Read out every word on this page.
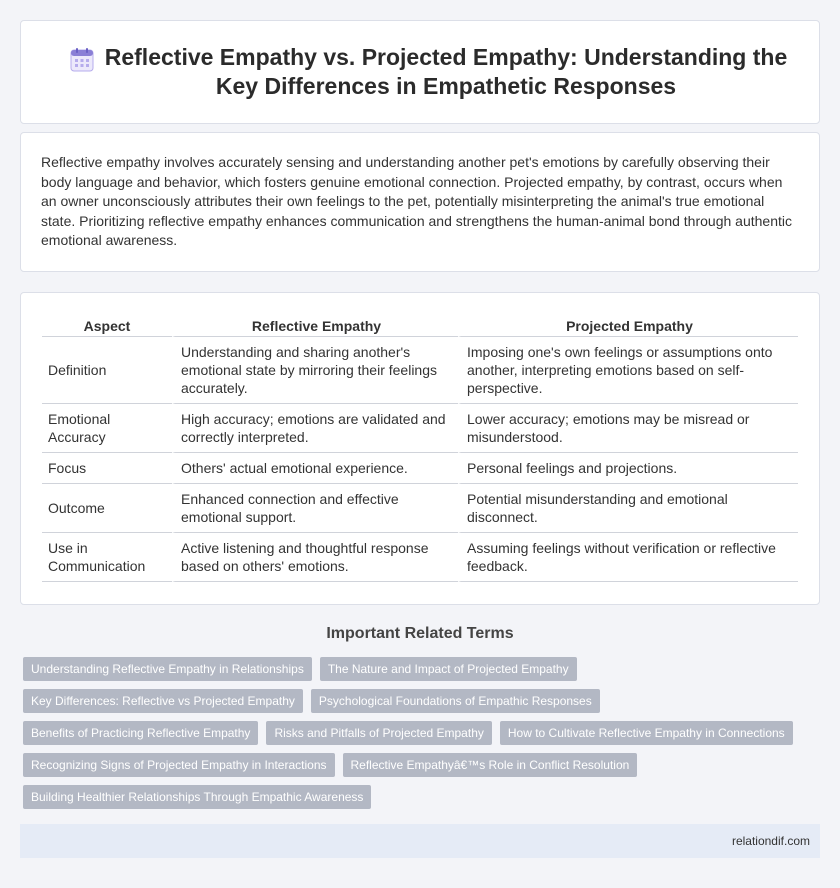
Reflective Empathy vs. Projected Empathy: Understanding the Key Differences in Empathetic Responses

Reflective empathy involves accurately sensing and understanding another pet's emotions by carefully observing their body language and behavior, which fosters genuine emotional connection. Projected empathy, by contrast, occurs when an owner unconsciously attributes their own feelings to the pet, potentially misinterpreting the animal's true emotional state. Prioritizing reflective empathy enhances communication and strengthens the human-animal bond through authentic emotional awareness.

Aspect	Reflective Empathy	Projected Empathy
Definition	Understanding and sharing another's emotional state by mirroring their feelings accurately.	Imposing one's own feelings or assumptions onto another, interpreting emotions based on self-perspective.
Emotional Accuracy	High accuracy; emotions are validated and correctly interpreted.	Lower accuracy; emotions may be misread or misunderstood.
Focus	Others' actual emotional experience.	Personal feelings and projections.
Outcome	Enhanced connection and effective emotional support.	Potential misunderstanding and emotional disconnect.
Use in Communication	Active listening and thoughtful response based on others' emotions.	Assuming feelings without verification or reflective feedback.
Important Related Terms
Understanding Reflective Empathy in Relationships	The Nature and Impact of Projected Empathy
Key Differences: Reflective vs Projected Empathy	Psychological Foundations of Empathic Responses
Benefits of Practicing Reflective Empathy	Risks and Pitfalls of Projected Empathy	How to Cultivate Reflective Empathy in Connections
Recognizing Signs of Projected Empathy in Interactions	Reflective Empathyâ€™s Role in Conflict Resolution
Building Healthier Relationships Through Empathic Awareness
relationdif.com
